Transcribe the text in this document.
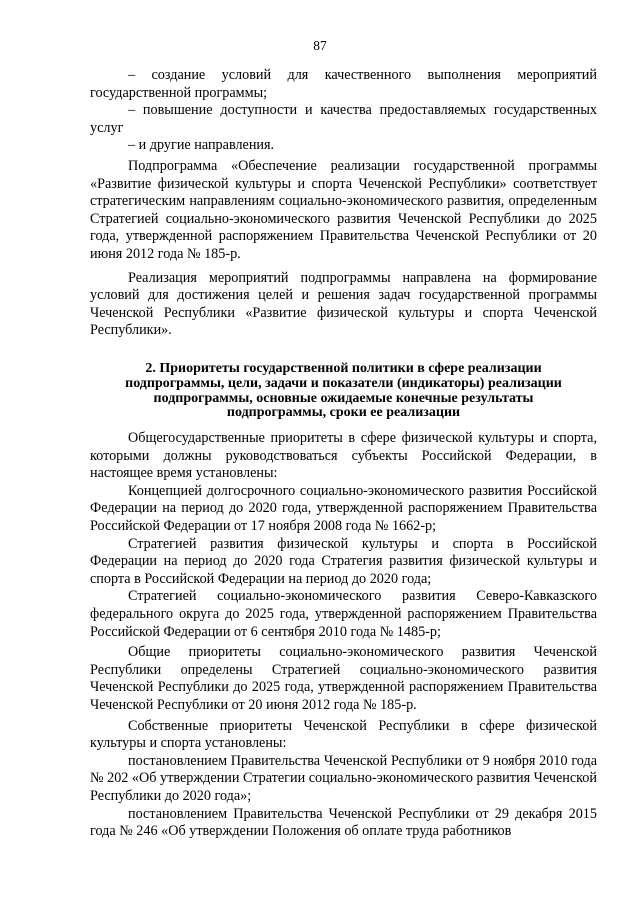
87

– создание условий для качественного выполнения мероприятий государственной программы;

– повышение доступности и качества предоставляемых государственных услуг

– и другие направления.

Подпрограмма «Обеспечение реализации государственной программы «Развитие физической культуры и спорта Чеченской Республики» соответствует стратегическим направлениям социально-экономического развития, определенным Стратегией социально-экономического развития Чеченской Республики до 2025 года, утвержденной распоряжением Правительства Чеченской Республики от 20 июня 2012 года № 185-р.

Реализация мероприятий подпрограммы направлена на формирование условий для достижения целей и решения задач государственной программы Чеченской Республики «Развитие физической культуры и спорта Чеченской Республики».

2. Приоритеты государственной политики в сфере реализации
подпрограммы, цели, задачи и показатели (индикаторы) реализации
подпрограммы, основные ожидаемые конечные результаты
подпрограммы, сроки ее реализации

Общегосударственные приоритеты в сфере физической культуры и спорта, которыми должны руководствоваться субъекты Российской Федерации, в настоящее время установлены:

Концепцией долгосрочного социально-экономического развития Российской Федерации на период до 2020 года, утвержденной распоряжением Правительства Российской Федерации от 17 ноября 2008 года № 1662-р;

Стратегией развития физической культуры и спорта в Российской Федерации на период до 2020 года Стратегия развития физической культуры и спорта в Российской Федерации на период до 2020 года;

Стратегией социально-экономического развития Северо-Кавказского федерального округа до 2025 года, утвержденной распоряжением Правительства Российской Федерации от 6 сентября 2010 года № 1485-р;

Общие приоритеты социально-экономического развития Чеченской Республики определены Стратегией социально-экономического развития Чеченской Республики до 2025 года, утвержденной распоряжением Правительства Чеченской Республики от 20 июня 2012 года № 185-р.

Собственные приоритеты Чеченской Республики в сфере физической культуры и спорта установлены:

постановлением Правительства Чеченской Республики от 9 ноября 2010 года № 202 «Об утверждении Стратегии социально-экономического развития Чеченской Республики до 2020 года»;

постановлением Правительства Чеченской Республики от 29 декабря 2015 года № 246 «Об утверждении Положения об оплате труда работников
